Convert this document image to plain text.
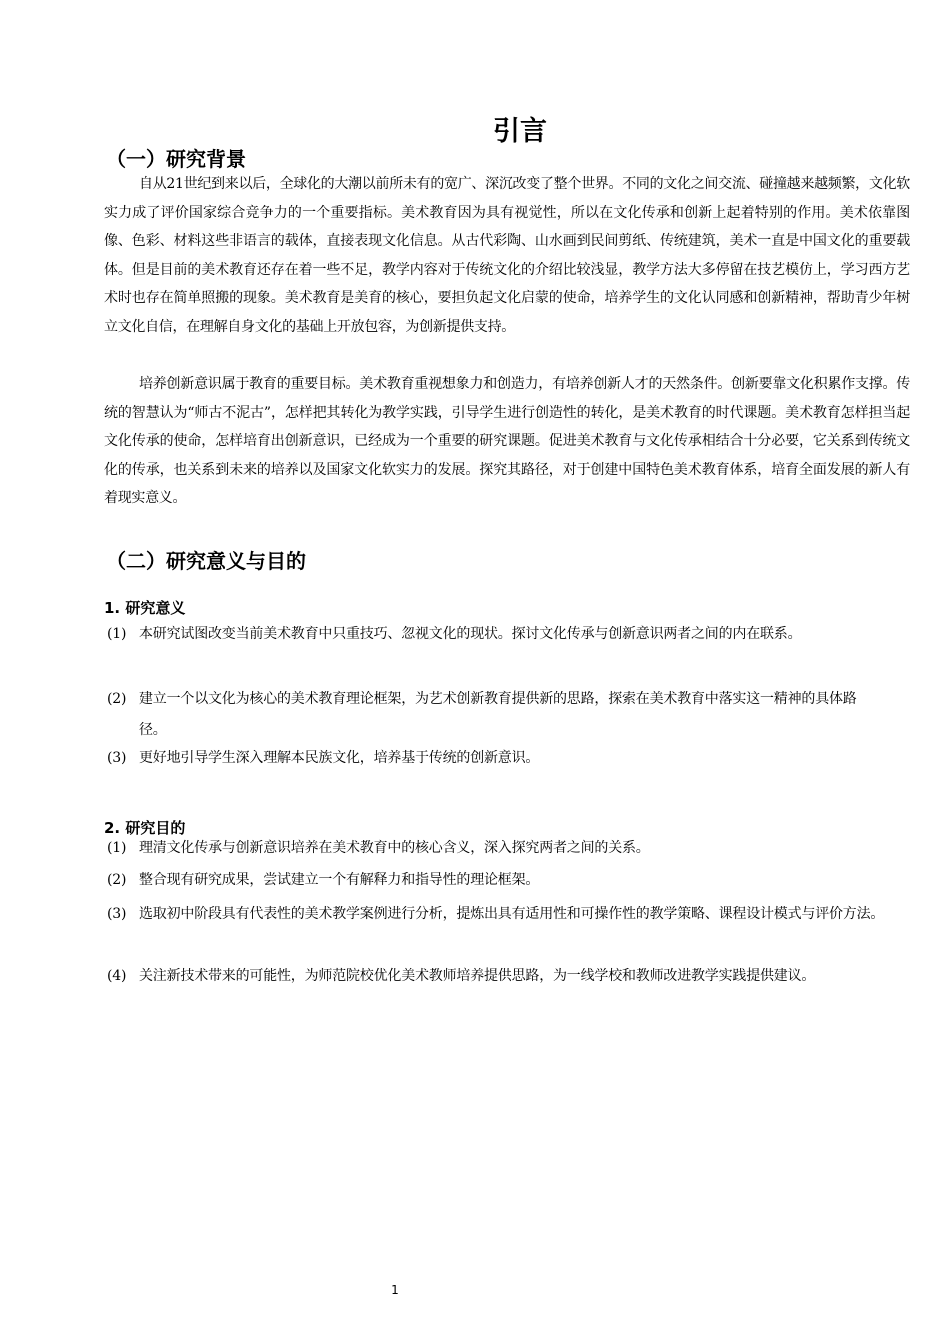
引言
（一）研究背景

自从21世纪到来以后，全球化的大潮以前所未有的宽广、深沉改变了整个世界。不同的文化之间交流、碰撞越来越频繁，文化软实力成了评价国家综合竞争力的一个重要指标。美术教育因为具有视觉性，所以在文化传承和创新上起着特别的作用。美术依靠图像、色彩、材料这些非语言的载体，直接表现文化信息。从古代彩陶、山水画到民间剪纸、传统建筑，美术一直是中国文化的重要载体。但是目前的美术教育还存在着一些不足，教学内容对于传统文化的介绍比较浅显，教学方法大多停留在技艺模仿上，学习西方艺术时也存在简单照搬的现象。美术教育是美育的核心，要担负起文化启蒙的使命，培养学生的文化认同感和创新精神，帮助青少年树立文化自信，在理解自身文化的基础上开放包容，为创新提供支持。

培养创新意识属于教育的重要目标。美术教育重视想象力和创造力，有培养创新人才的天然条件。创新要靠文化积累作支撑。传统的智慧认为“师古不泥古”，怎样把其转化为教学实践，引导学生进行创造性的转化，是美术教育的时代课题。美术教育怎样担当起文化传承的使命，怎样培育出创新意识，已经成为一个重要的研究课题。促进美术教育与文化传承相结合十分必要，它关系到传统文化的传承，也关系到未来的培养以及国家文化软实力的发展。探究其路径，对于创建中国特色美术教育体系，培育全面发展的新人有着现实意义。

（二）研究意义与目的
1. 研究意义
(1) 本研究试图改变当前美术教育中只重技巧、忽视文化的现状。探讨文化传承与创新意识两者之间的内在联系。
(2) 建立一个以文化为核心的美术教育理论框架，为艺术创新教育提供新的思路，探索在美术教育中落实这一精神的具体路径。
(3) 更好地引导学生深入理解本民族文化，培养基于传统的创新意识。
2. 研究目的
(1) 理清文化传承与创新意识培养在美术教育中的核心含义，深入探究两者之间的关系。
(2) 整合现有研究成果，尝试建立一个有解释力和指导性的理论框架。
(3) 选取初中阶段具有代表性的美术教学案例进行分析，提炼出具有适用性和可操作性的教学策略、课程设计模式与评价方法。
(4) 关注新技术带来的可能性，为师范院校优化美术教师培养提供思路，为一线学校和教师改进教学实践提供建议。
1
